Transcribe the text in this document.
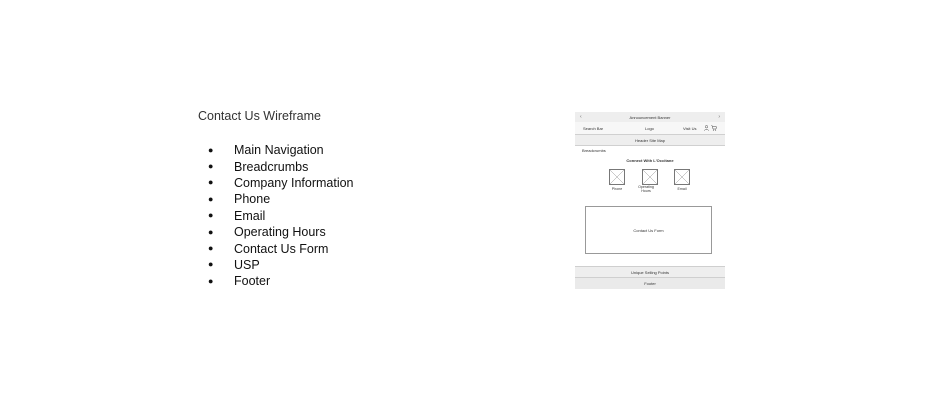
Contact Us Wireframe
●	Main Navigation
●	Breadcrumbs
●	Company Information
●	Phone
●	Email
●	Operating Hours
●	Contact Us Form
●	USP
●	Footer
‹	Announcement Banner	›
Search Bar	Logo	Visit Us
Header Site Map
Breadcrumbs
Connect With L'Occitane
Phone	Operating Hours
Email
Contact Us Form
Unique Selling Points
Footer
